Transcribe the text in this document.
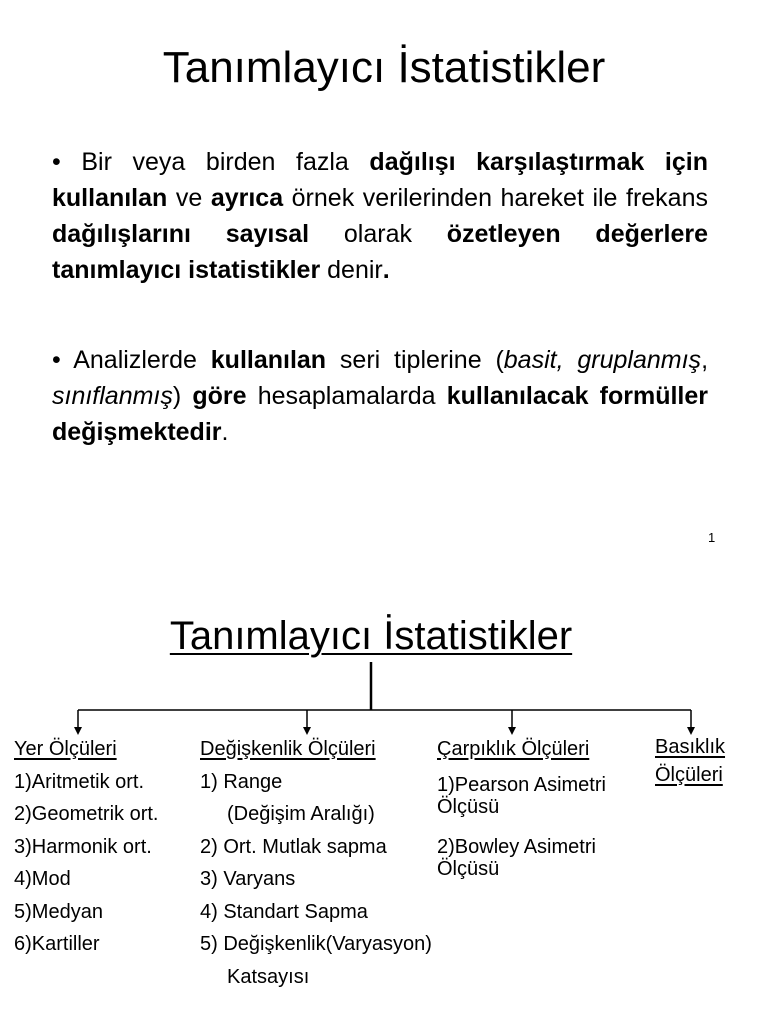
Tanımlayıcı İstatistikler
• Bir veya birden fazla dağılışı karşılaştırmak için kullanılan ve ayrıca örnek verilerinden hareket ile frekans dağılışlarını sayısal olarak özetleyen değerlere tanımlayıcı istatistikler denir.
• Analizlerde kullanılan seri tiplerine (basit, gruplanmış, sınıflanmış) göre hesaplamalarda kullanılacak formüller değişmektedir.
1
Tanımlayıcı İstatistikler
Yer Ölçüleri
1)Aritmetik ort.
2)Geometrik ort.
3)Harmonik ort.
4)Mod
5)Medyan
6)Kartiller
Değişkenlik Ölçüleri
1) Range
(Değişim Aralığı)
2) Ort. Mutlak sapma
3) Varyans
4) Standart Sapma
5) Değişkenlik(Varyasyon)
Katsayısı
Çarpıklık Ölçüleri
1)Pearson Asimetri
Ölçüsü
2)Bowley Asimetri
Ölçüsü
Basıklık
Ölçüleri
